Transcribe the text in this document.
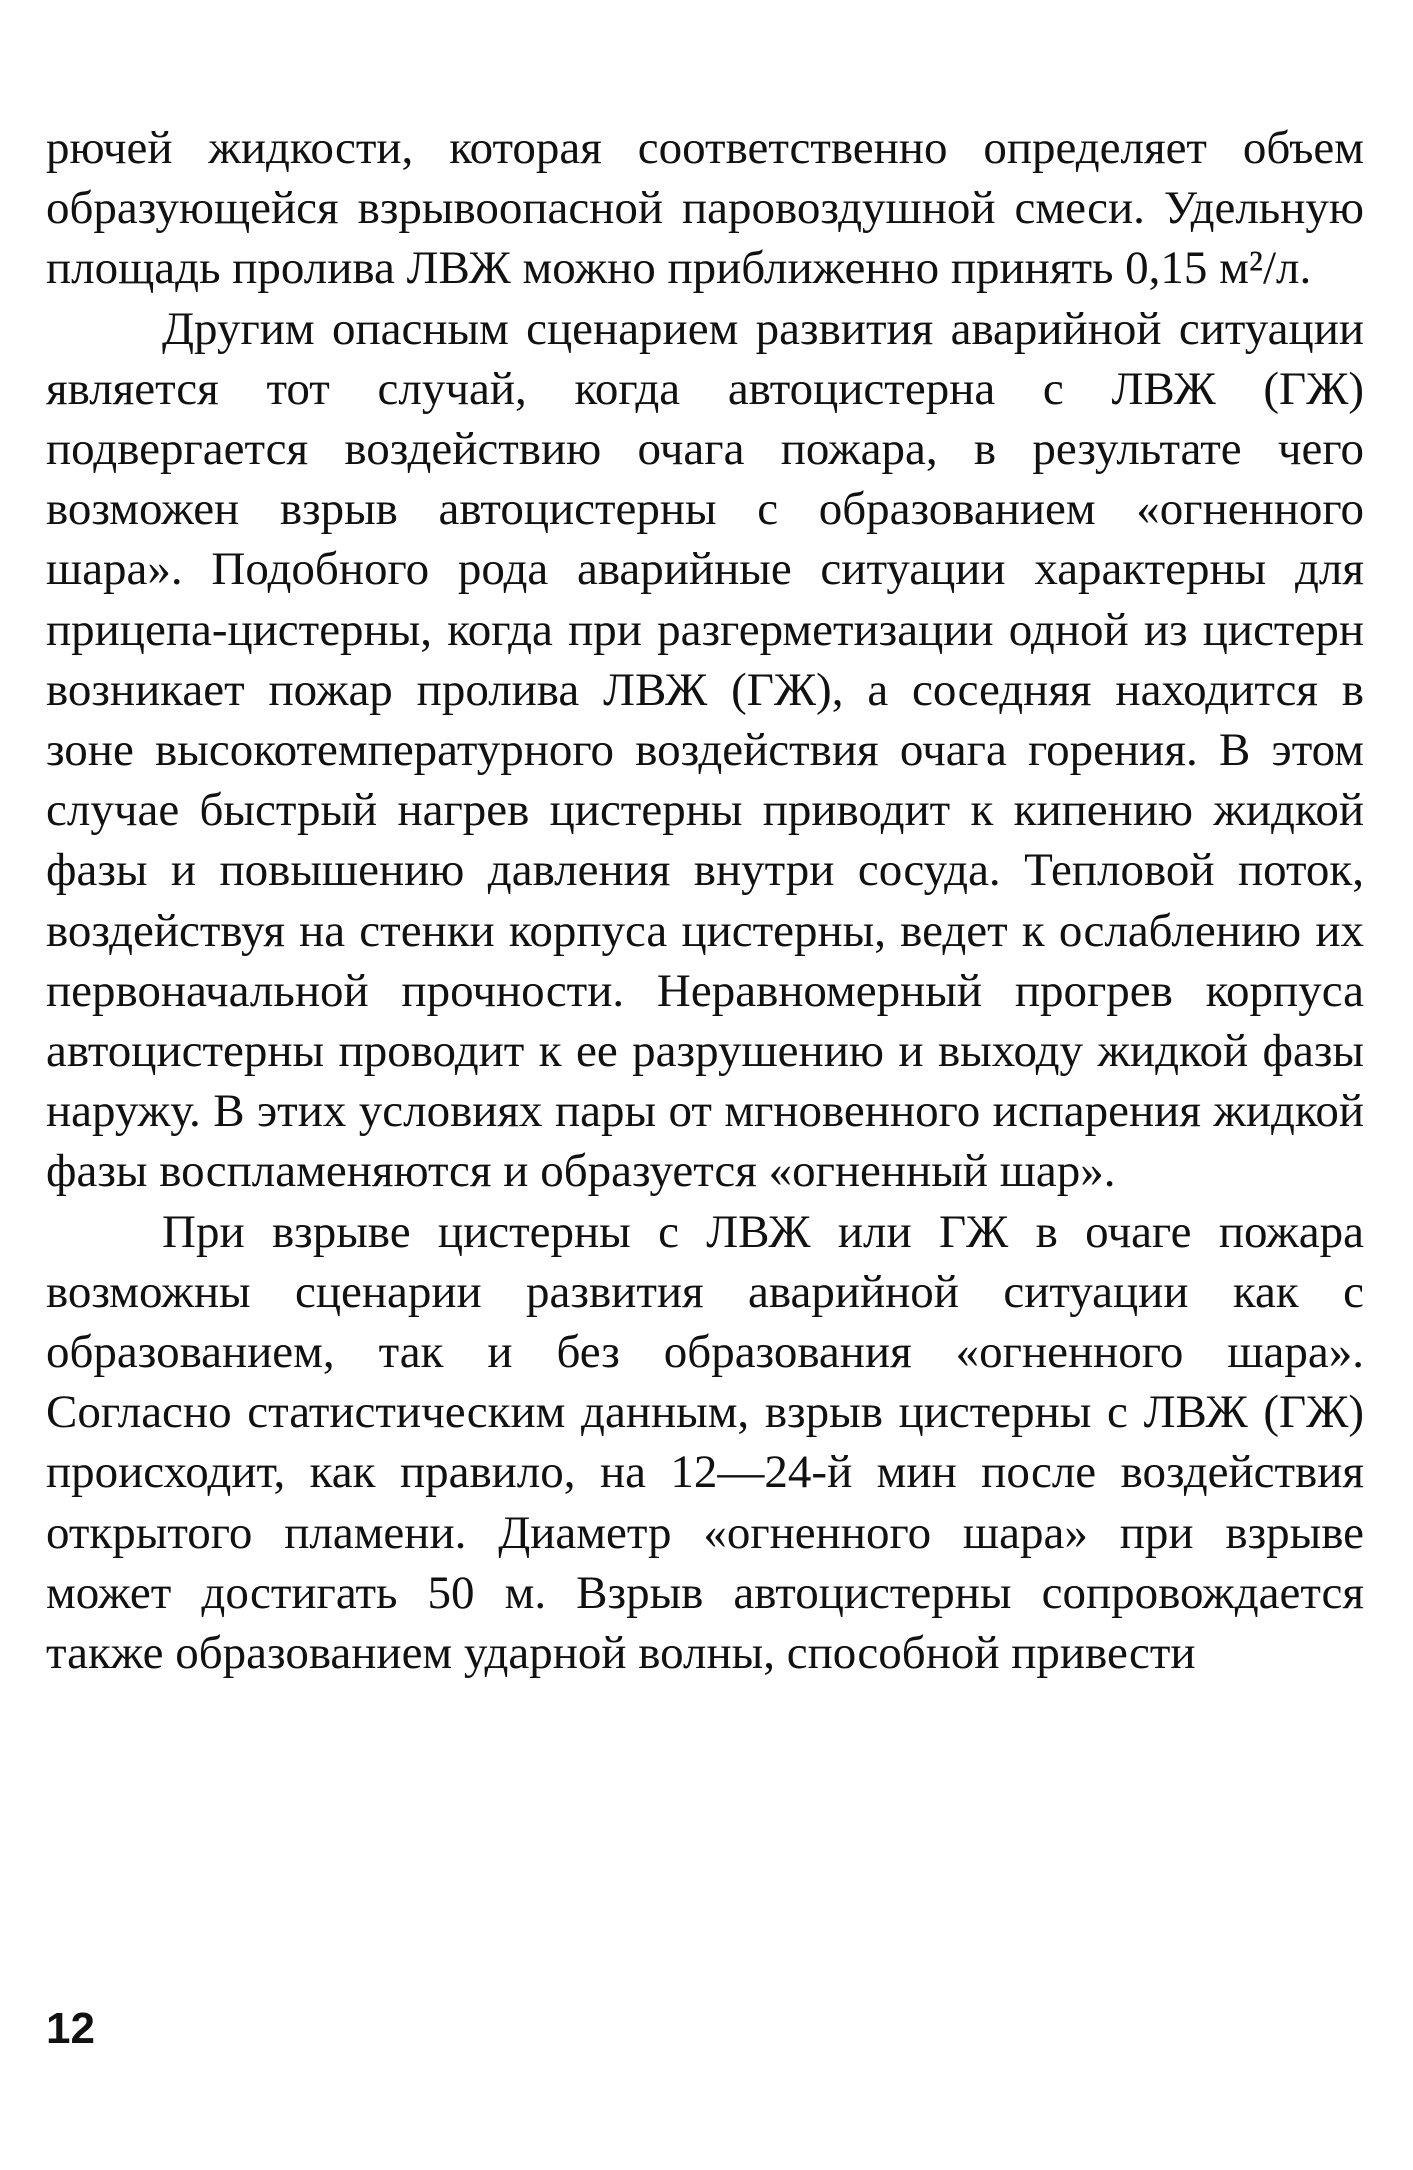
рючей жидкости, которая соответственно определяет объем образующейся взрывоопасной паровоздушной смеси. Удельную площадь пролива ЛВЖ можно приближенно принять 0,15 м²/л.

Другим опасным сценарием развития аварийной ситуации является тот случай, когда автоцистерна с ЛВЖ (ГЖ) подвергается воздействию очага пожара, в результате чего возможен взрыв автоцистерны с образованием «огненного шара». Подобного рода аварийные ситуации характерны для прицепа-цистерны, когда при разгерметизации одной из цистерн возникает пожар пролива ЛВЖ (ГЖ), а соседняя находится в зоне высокотемпературного воздействия очага горения. В этом случае быстрый нагрев цистерны приводит к кипению жидкой фазы и повышению давления внутри сосуда. Тепловой поток, воздействуя на стенки корпуса цистерны, ведет к ослаблению их первоначальной прочности. Неравномерный прогрев корпуса автоцистерны проводит к ее разрушению и выходу жидкой фазы наружу. В этих условиях пары от мгновенного испарения жидкой фазы воспламеняются и образуется «огненный шар».

При взрыве цистерны с ЛВЖ или ГЖ в очаге пожара возможны сценарии развития аварийной ситуации как с образованием, так и без образования «огненного шара». Согласно статистическим данным, взрыв цистерны с ЛВЖ (ГЖ) происходит, как правило, на 12—24-й мин после воздействия открытого пламени. Диаметр «огненного шара» при взрыве может достигать 50 м. Взрыв автоцистерны сопровождается также образованием ударной волны, способной привести

12
